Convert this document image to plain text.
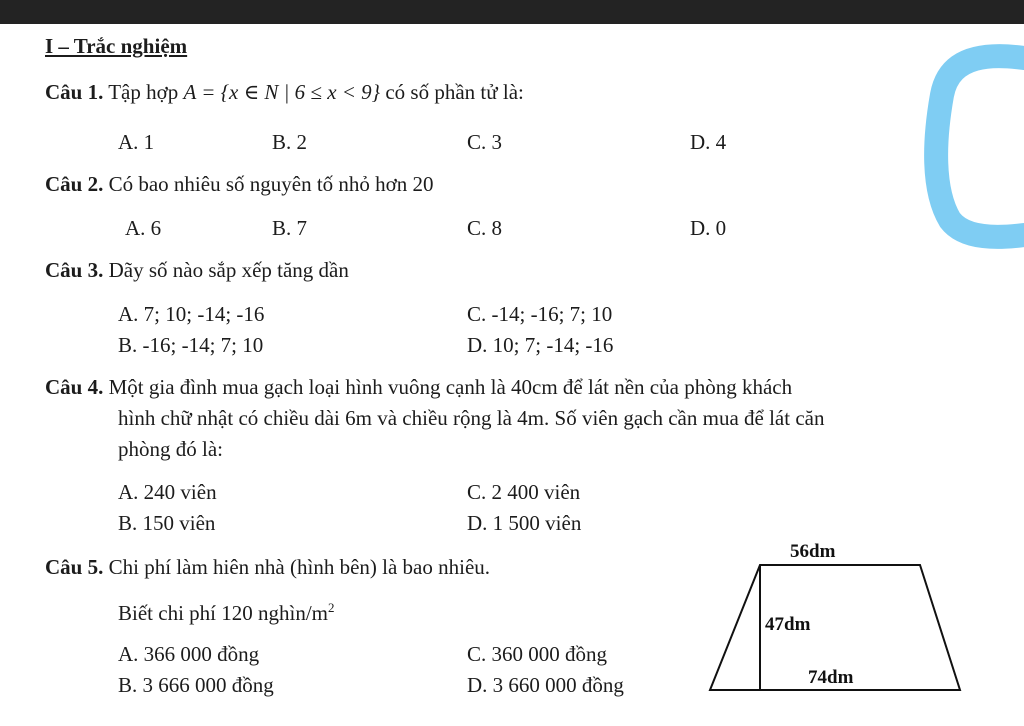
I – Trắc nghiệm
Câu 1. Tập hợp A = {x ∈ N | 6 ≤ x < 9} có số phần tử là:
A. 1	B. 2	C. 3	D. 4
Câu 2. Có bao nhiêu số nguyên tố nhỏ hơn 20
A. 6	B. 7	C. 8	D. 0
Câu 3. Dãy số nào sắp xếp tăng dần
A. 7; 10; -14; -16
B. -16; -14; 7; 10
C. -14; -16; 7; 10
D. 10; 7; -14; -16
Câu 4. Một gia đình mua gạch loại hình vuông cạnh là 40cm để lát nền của phòng khách
hình chữ nhật có chiều dài 6m và chiều rộng là 4m. Số viên gạch cần mua để lát căn
phòng đó là:
A. 240 viên
B. 150 viên
C. 2 400 viên
D. 1 500 viên
Câu 5. Chi phí làm hiên nhà (hình bên) là bao nhiêu.
Biết chi phí 120 nghìn/$m^2$
A. 366 000 đồng
B. 3 666 000 đồng
C. 360 000 đồng
D. 3 660 000 đồng
56dm
47dm
74dm
